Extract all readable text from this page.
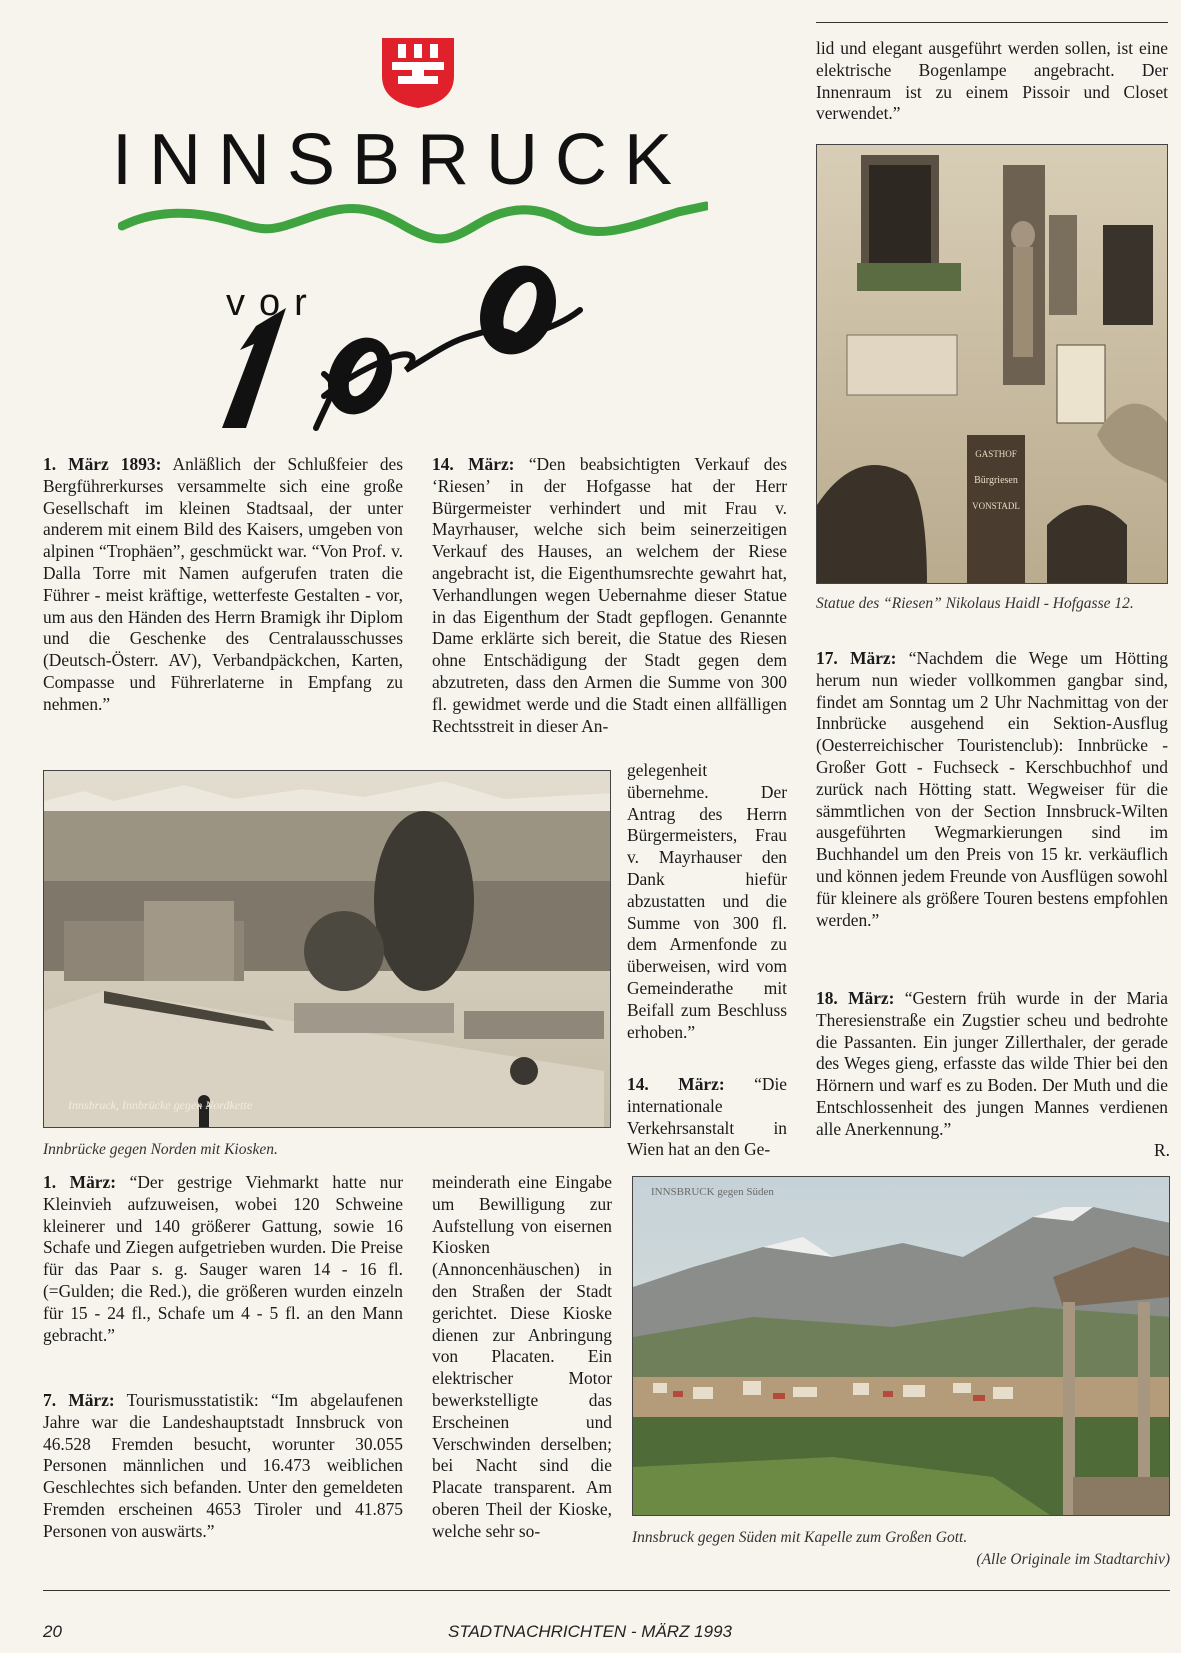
INNSBRUCK
vor
lid und elegant ausgeführt werden sollen, ist eine elektrische Bogenlampe angebracht. Der Innenraum ist zu einem Pissoir und Closet verwendet.”
GASTHOF
Bürgriesen
VONSTADL
Statue des “Riesen” Nikolaus Haidl - Hofgasse 12.
17. März: “Nachdem die Wege um Hötting herum nun wieder vollkommen gangbar sind, findet am Sonntag um 2 Uhr Nachmittag von der Innbrücke ausgehend ein Sektion-Ausflug (Oesterreichischer Touristenclub): Innbrücke - Großer Gott - Fuchseck - Kerschbuchhof und zurück nach Hötting statt. Wegweiser für die sämmtlichen von der Section Innsbruck-Wilten ausgeführten Wegmarkierungen sind im Buchhandel um den Preis von 15 kr. verkäuflich und können jedem Freunde von Ausflügen sowohl für kleinere als größere Touren bestens empfohlen werden.”
18. März: “Gestern früh wurde in der Maria Theresienstraße ein Zugstier scheu und bedrohte die Passanten. Ein junger Zillerthaler, der gerade des Weges gieng, erfasste das wilde Thier bei den Hörnern und warf es zu Boden. Der Muth und die Entschlossenheit des jungen Mannes verdienen alle Anerkennung.”
R.
1. März 1893: Anläßlich der Schlußfeier des Bergführerkurses versammelte sich eine große Gesellschaft im kleinen Stadtsaal, der unter anderem mit einem Bild des Kaisers, umgeben von alpinen “Trophäen”, geschmückt war. “Von Prof. v. Dalla Torre mit Namen aufgerufen traten die Führer - meist kräftige, wetterfeste Gestalten - vor, um aus den Händen des Herrn Bramigk ihr Diplom und die Geschenke des Centralausschusses (Deutsch-Österr. AV), Verbandpäckchen, Karten, Compasse und Führerlaterne in Empfang zu nehmen.”
Innsbruck, Innbrücke gegen Nordkette
Innbrücke gegen Norden mit Kiosken.
1. März: “Der gestrige Viehmarkt hatte nur Kleinvieh aufzuweisen, wobei 120 Schweine kleinerer und 140 größerer Gattung, sowie 16 Schafe und Ziegen aufgetrieben wurden. Die Preise für das Paar s. g. Sauger waren 14 - 16 fl. (=Gulden; die Red.), die größeren wurden einzeln für 15 - 24 fl., Schafe um 4 - 5 fl. an den Mann gebracht.”
7. März: Tourismusstatistik: “Im abgelaufenen Jahre war die Landeshauptstadt Innsbruck von 46.528 Fremden besucht, worunter 30.055 Personen männlichen und 16.473 weiblichen Geschlechtes sich befanden. Unter den gemeldeten Fremden erscheinen 4653 Tiroler und 41.875 Personen von auswärts.”
14. März: “Den beabsichtigten Verkauf des ‘Riesen’ in der Hofgasse hat der Herr Bürgermeister verhindert und mit Frau v. Mayrhauser, welche sich beim seinerzeitigen Verkauf des Hauses, an welchem der Riese angebracht ist, die Eigenthumsrechte gewahrt hat, Verhandlungen wegen Uebernahme dieser Statue in das Eigenthum der Stadt gepflogen. Genannte Dame erklärte sich bereit, die Statue des Riesen ohne Entschädigung der Stadt gegen dem abzutreten, dass den Armen die Summe von 300 fl. gewidmet werde und die Stadt einen allfälligen Rechtsstreit in dieser An-
gelegenheit übernehme. Der Antrag des Herrn Bürgermeisters, Frau v. Mayrhauser den Dank hiefür abzustatten und die Summe von 300 fl. dem Armenfonde zu überweisen, wird vom Gemeinderathe mit Beifall zum Beschluss erhoben.”
14. März: “Die internationale Verkehrsanstalt in Wien hat an den Ge-
meinderath eine Eingabe um Bewilligung zur Aufstellung von eisernen Kiosken (Annoncenhäuschen) in den Straßen der Stadt gerichtet. Diese Kioske dienen zur Anbringung von Placaten. Ein elektrischer Motor bewerkstelligte das Erscheinen und Verschwinden derselben; bei Nacht sind die Placate transparent. Am oberen Theil der Kioske, welche sehr so-
INNSBRUCK gegen Süden
Innsbruck gegen Süden mit Kapelle zum Großen Gott.
(Alle Originale im Stadtarchiv)
20	STADTNACHRICHTEN - MÄRZ 1993
